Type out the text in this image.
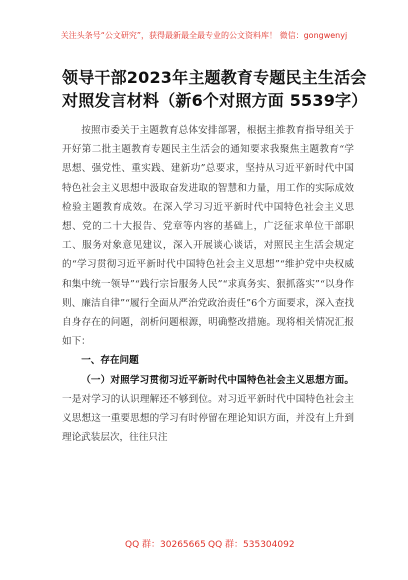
关注头条号“公文研究”，获得最新最全最专业的公文资料库！ 微信：gongwenyj
领导干部2023年主题教育专题民主生活会
对照发言材料（新6个对照方面 5539字）

按照市委关于主题教育总体安排部署，根据主推教育指导组关于开好第二批主题教育专题民主生活会的通知要求我聚焦主题教育“学思想、强党性、重实践、建新功”总要求，坚持从习近平新时代中国特色社会主义思想中汲取奋发进取的智慧和力量，用工作的实际成效检验主题教育成效。在深入学习习近平新时代中国特色社会主义思想、党的二十大报告、党章等内容的基础上，广泛征求单位干部职工、服务对象意见建议，深入开展谈心谈话，对照民主生活会规定的“学习贯彻习近平新时代中国特色社会主义思想”“维护党中央权威和集中统一领导”“践行宗旨服务人民”“求真务实、狠抓落实”“以身作则、廉洁自律”“履行全面从严治党政治责任”6个方面要求，深入查找自身存在的问题，剖析问题根源，明确整改措施。现将相关情况汇报如下：

一、存在问题

（一）对照学习贯彻习近平新时代中国特色社会主义思想方面。一是对学习的认识理解还不够到位。对习近平新时代中国特色社会主义思想这一重要思想的学习有时停留在理论知识方面，并没有上升到理论武装层次，往往只注

QQ 群：30265665 QQ 群：535304092
